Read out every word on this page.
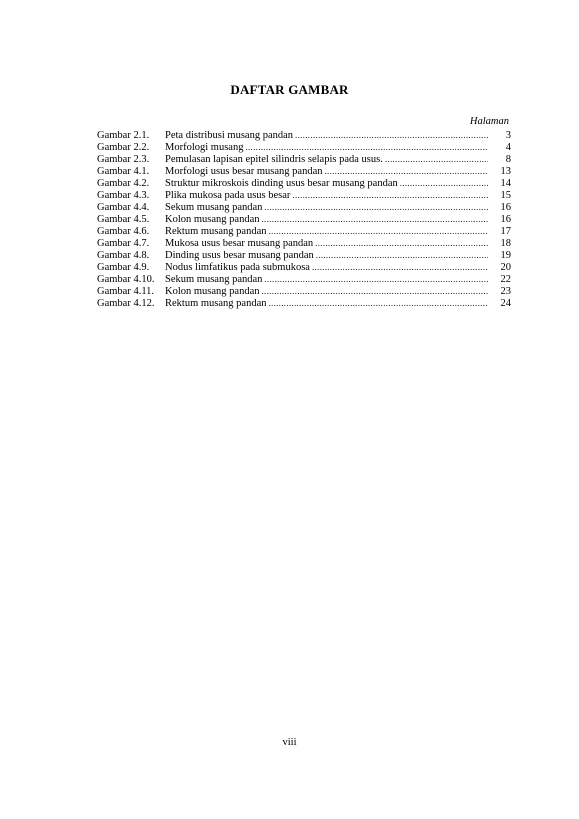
DAFTAR GAMBAR
Halaman
Gambar 2.1.	Peta distribusi musang pandan .....	3
Gambar 2.2.	Morfologi musang .....	4
Gambar 2.3.	Pemulasan lapisan epitel silindris selapis pada usus. .....	8
Gambar 4.1.	Morfologi usus besar musang pandan .....	13
Gambar 4.2.	Struktur mikroskois dinding usus besar musang pandan .....	14
Gambar 4.3.	Plika mukosa pada usus besar .....	15
Gambar 4.4.	Sekum musang pandan .....	16
Gambar 4.5.	Kolon musang pandan .....	16
Gambar 4.6.	Rektum musang pandan .....	17
Gambar 4.7.	Mukosa usus besar musang pandan .....	18
Gambar 4.8.	Dinding usus besar musang pandan .....	19
Gambar 4.9.	Nodus limfatikus pada submukosa .....	20
Gambar 4.10.	Sekum musang pandan .....	22
Gambar 4.11.	Kolon musang pandan .....	23
Gambar 4.12.	Rektum musang pandan .....	24
viii
